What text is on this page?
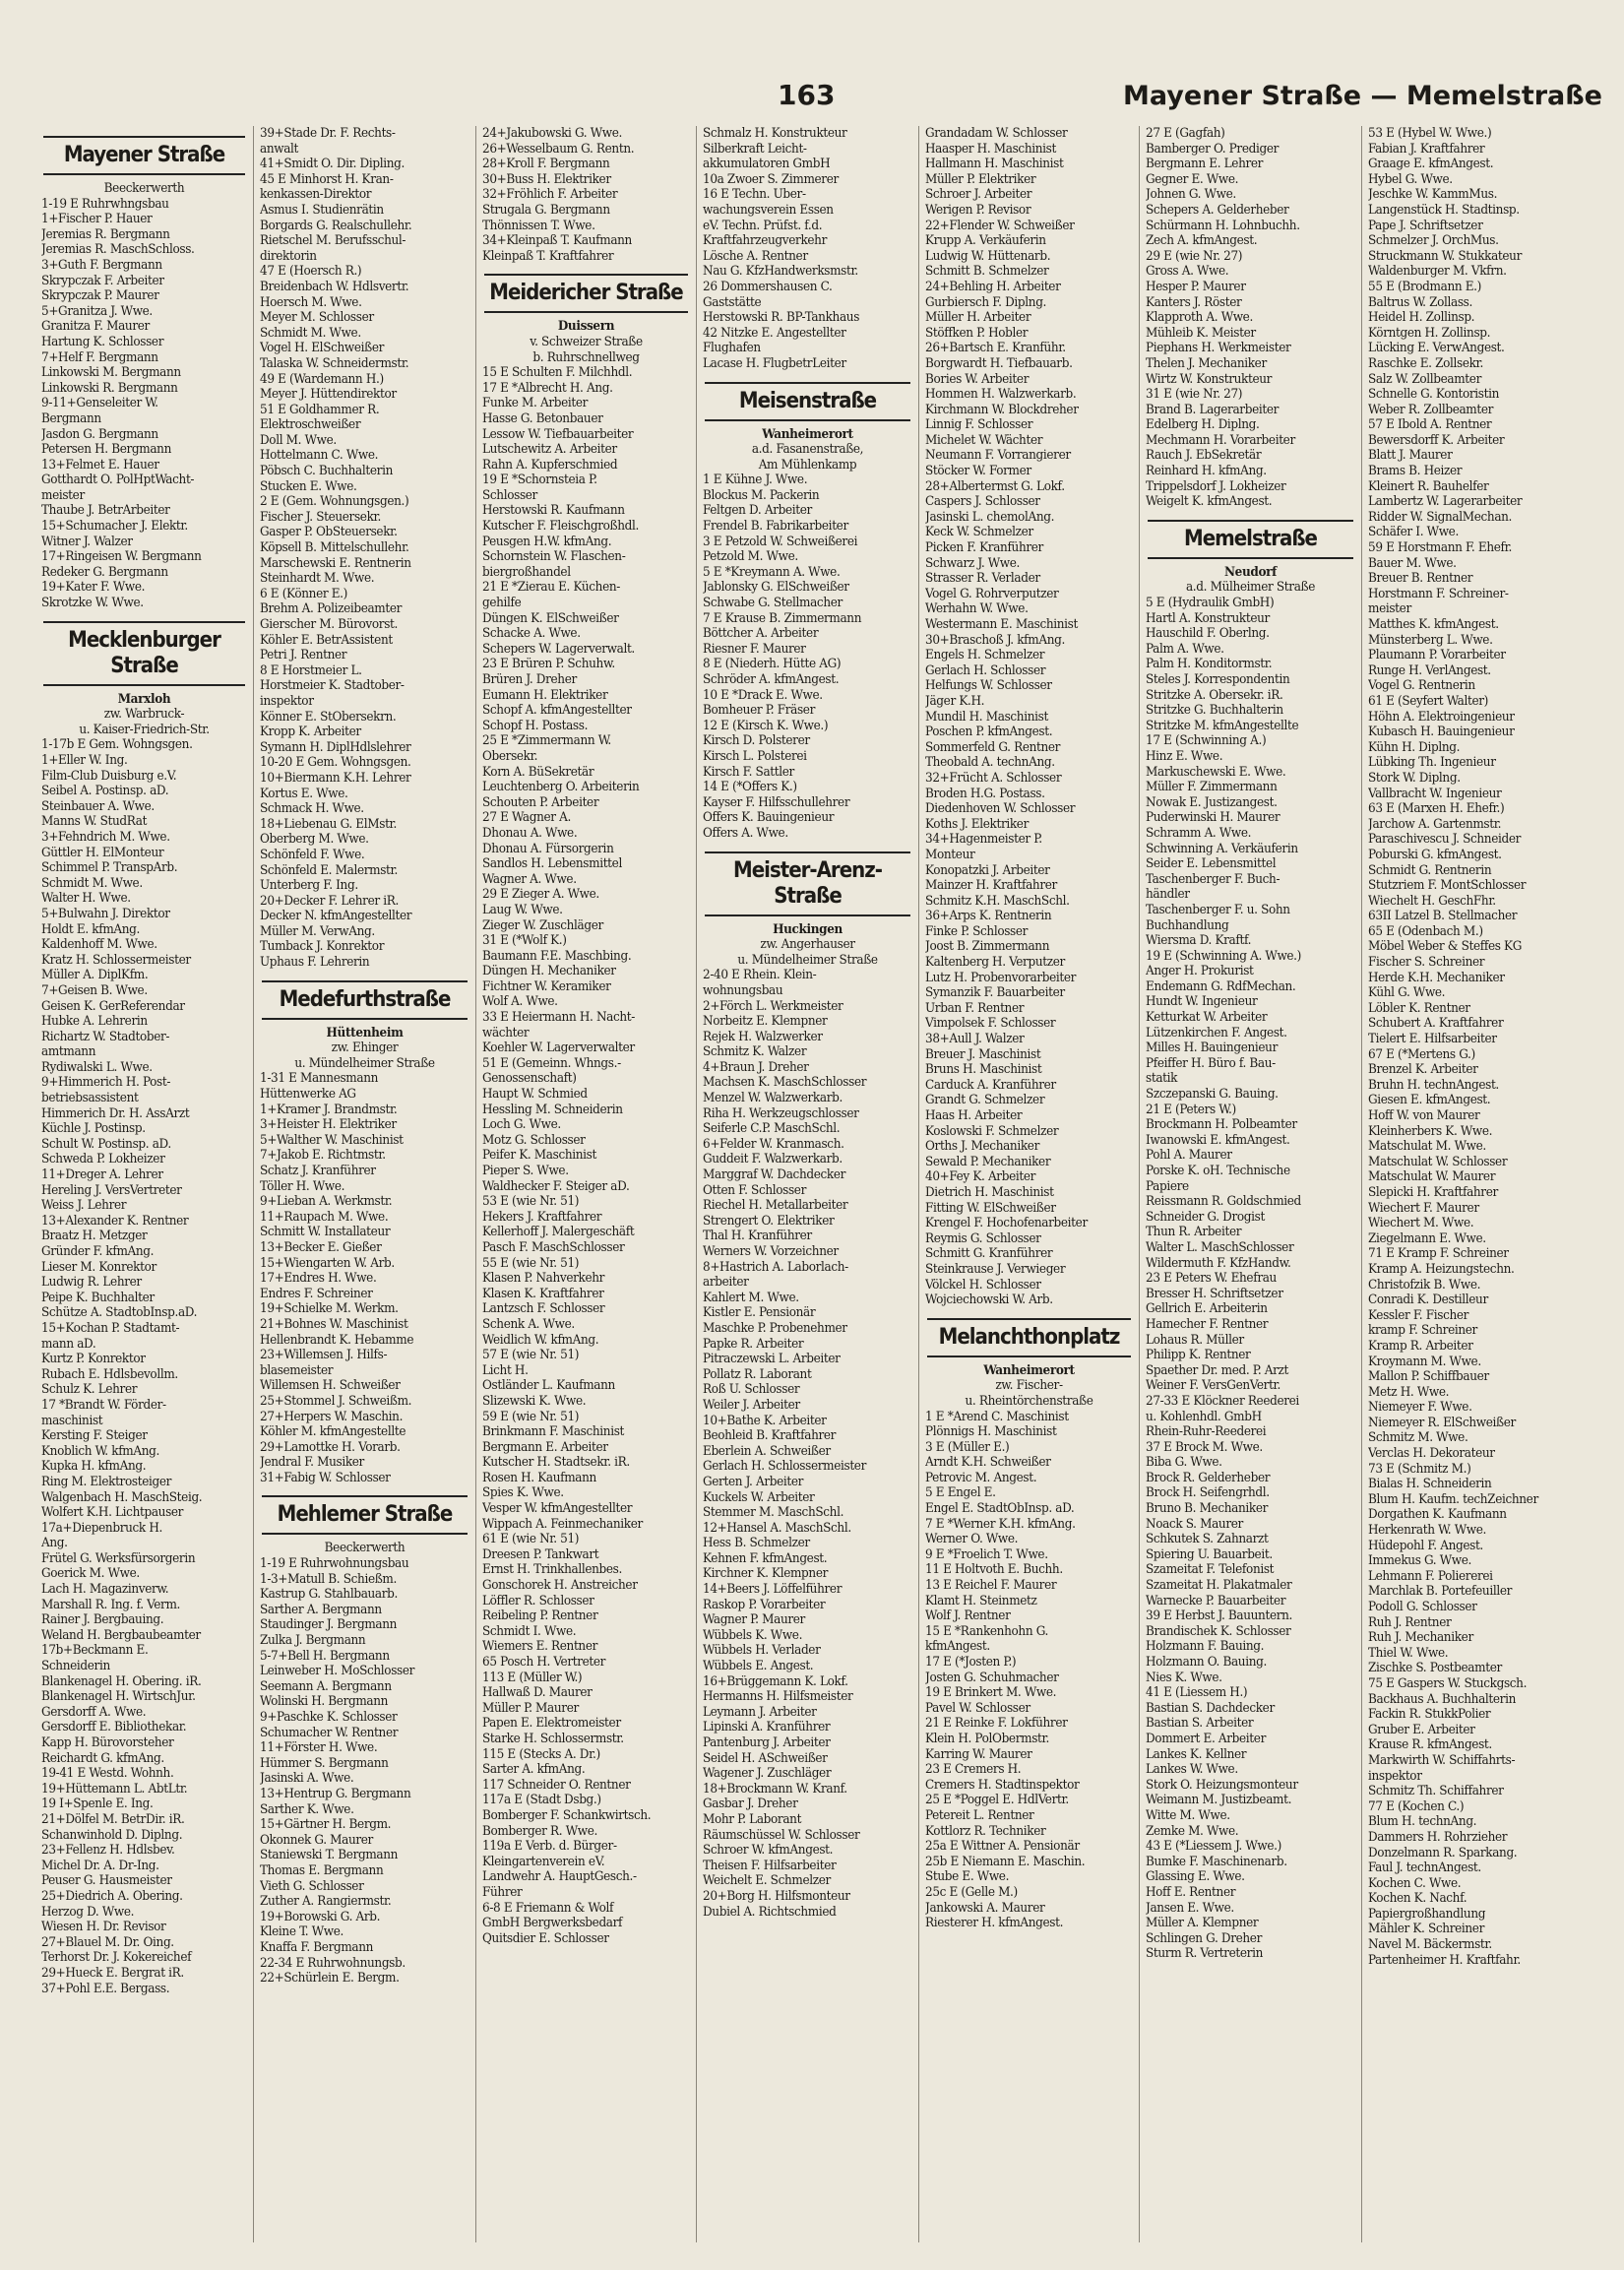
163	Mayener Straße — Memelstraße
Mayener Straße
Beeckerwerth
1-19 E Ruhrwhngsbau
1+Fischer P. Hauer
Jeremias R. Bergmann
Jeremias R. MaschSchloss.
3+Guth F. Bergmann
Skrypczak F. Arbeiter
Skrypczak P. Maurer
5+Granitza J. Wwe.
Granitza F. Maurer
Hartung K. Schlosser
7+Helf F. Bergmann
Linkowski M. Bergmann
Linkowski R. Bergmann
9-11+Genseleiter W.
Bergmann
Jasdon G. Bergmann
Petersen H. Bergmann
13+Felmet E. Hauer
Gotthardt O. PolHptWacht-
meister
Thaube J. BetrArbeiter
15+Schumacher J. Elektr.
Witner J. Walzer
17+Ringeisen W. Bergmann
Redeker G. Bergmann
19+Kater F. Wwe.
Skrotzke W. Wwe.
Mecklenburger Straße
Marxloh
zw. Warbruck-
u. Kaiser-Friedrich-Str.
1-17b E Gem. Wohngsgen.
1+Eller W. Ing.
Film-Club Duisburg e.V.
Seibel A. Postinsp. aD.
Steinbauer A. Wwe.
Manns W. StudRat
3+Fehndrich M. Wwe.
Güttler H. ElMonteur
Schimmel P. TranspArb.
Schmidt M. Wwe.
Walter H. Wwe.
5+Bulwahn J. Direktor
Holdt E. kfmAng.
Kaldenhoff M. Wwe.
Kratz H. Schlossermeister
Müller A. DiplKfm.
7+Geisen B. Wwe.
Geisen K. GerReferendar
Hubke A. Lehrerin
Richartz W. Stadtober-
amtmann
Rydiwalski L. Wwe.
9+Himmerich H. Post-
betriebsassistent
Himmerich Dr. H. AssArzt
Küchle J. Postinsp.
Schult W. Postinsp. aD.
Schweda P. Lokheizer
11+Dreger A. Lehrer
Hereling J. VersVertreter
Weiss J. Lehrer
13+Alexander K. Rentner
Braatz H. Metzger
Gründer F. kfmAng.
Lieser M. Konrektor
Ludwig R. Lehrer
Peipe K. Buchhalter
Schütze A. StadtobInsp.aD.
15+Kochan P. Stadtamt-
mann aD.
Kurtz P. Konrektor
Rubach E. Hdlsbevollm.
Schulz K. Lehrer
17 *Brandt W. Förder-
maschinist
Kersting F. Steiger
Knoblich W. kfmAng.
Kupka H. kfmAng.
Ring M. Elektrosteiger
Walgenbach H. MaschSteig.
Wolfert K.H. Lichtpauser
17a+Diepenbruck H.
Ang.
Frütel G. Werksfürsorgerin
Goerick M. Wwe.
Lach H. Magazinverw.
Marshall R. Ing. f. Verm.
Rainer J. Bergbauing.
Weland H. Bergbaubeamter
17b+Beckmann E.
Schneiderin
Blankenagel H. Obering. iR.
Blankenagel H. WirtschJur.
Gersdorff A. Wwe.
Gersdorff E. Bibliothekar.
Kapp H. Bürovorsteher
Reichardt G. kfmAng.
19-41 E Westd. Wohnh.
19+Hüttemann L. AbtLtr.
19 I+Spenle E. Ing.
21+Dölfel M. BetrDir. iR.
Schanwinhold D. Diplng.
23+Fellenz H. Hdlsbev.
Michel Dr. A. Dr-Ing.
Peuser G. Hausmeister
25+Diedrich A. Obering.
Herzog D. Wwe.
Wiesen H. Dr. Revisor
27+Blauel M. Dr. Oing.
Terhorst Dr. J. Kokereichef
29+Hueck E. Bergrat iR.
37+Pohl E.E. Bergass.
39+Stade Dr. F. Rechts-
anwalt
41+Smidt O. Dir. Dipling.
45 E Minhorst H. Kran-
kenkassen-Direktor
Asmus I. Studienrätin
Borgards G. Realschullehr.
Rietschel M. Berufsschul-
direktorin
47 E (Hoersch R.)
Breidenbach W. Hdlsvertr.
Hoersch M. Wwe.
Meyer M. Schlosser
Schmidt M. Wwe.
Vogel H. ElSchweißer
Talaska W. Schneidermstr.
49 E (Wardemann H.)
Meyer J. Hüttendirektor
51 E Goldhammer R.
Elektroschweißer
Doll M. Wwe.
Hottelmann C. Wwe.
Pöbsch C. Buchhalterin
Stucken E. Wwe.
2 E (Gem. Wohnungsgen.)
Fischer J. Steuersekr.
Gasper P. ObSteuersekr.
Köpsell B. Mittelschullehr.
Marschewski E. Rentnerin
Steinhardt M. Wwe.
6 E (Könner E.)
Brehm A. Polizeibeamter
Gierscher M. Bürovorst.
Köhler E. BetrAssistent
Petri J. Rentner
8 E Horstmeier L.
Horstmeier K. Stadtober-
inspektor
Könner E. StObersekrn.
Kropp K. Arbeiter
Symann H. DiplHdlslehrer
10-20 E Gem. Wohngsgen.
10+Biermann K.H. Lehrer
Kortus E. Wwe.
Schmack H. Wwe.
18+Liebenau G. ElMstr.
Oberberg M. Wwe.
Schönfeld F. Wwe.
Schönfeld E. Malermstr.
Unterberg F. Ing.
20+Decker F. Lehrer iR.
Decker N. kfmAngestellter
Müller M. VerwAng.
Tumback J. Konrektor
Uphaus F. Lehrerin
Medefurthstraße
Hüttenheim
zw. Ehinger
u. Mündelheimer Straße
1-31 E Mannesmann
Hüttenwerke AG
1+Kramer J. Brandmstr.
3+Heister H. Elektriker
5+Walther W. Maschinist
7+Jakob E. Richtmstr.
Schatz J. Kranführer
Töller H. Wwe.
9+Lieban A. Werkmstr.
11+Raupach M. Wwe.
Schmitt W. Installateur
13+Becker E. Gießer
15+Wiengarten W. Arb.
17+Endres H. Wwe.
Endres F. Schreiner
19+Schielke M. Werkm.
21+Bohnes W. Maschinist
Hellenbrandt K. Hebamme
23+Willemsen J. Hilfs-
blasemeister
Willemsen H. Schweißer
25+Stommel J. Schweißm.
27+Herpers W. Maschin.
Köhler M. kfmAngestellte
29+Lamottke H. Vorarb.
Jendral F. Musiker
31+Fabig W. Schlosser
Mehlemer Straße
Beeckerwerth
1-19 E Ruhrwohnungsbau
1-3+Matull B. Schießm.
Kastrup G. Stahlbauarb.
Sarther A. Bergmann
Staudinger J. Bergmann
Zulka J. Bergmann
5-7+Bell H. Bergmann
Leinweber H. MoSchlosser
Seemann A. Bergmann
Wolinski H. Bergmann
9+Paschke K. Schlosser
Schumacher W. Rentner
11+Förster H. Wwe.
Hümmer S. Bergmann
Jasinski A. Wwe.
13+Hentrup G. Bergmann
Sarther K. Wwe.
15+Gärtner H. Bergm.
Okonnek G. Maurer
Staniewski T. Bergmann
Thomas E. Bergmann
Vieth G. Schlosser
Zuther A. Rangiermstr.
19+Borowski G. Arb.
Kleine T. Wwe.
Knaffa F. Bergmann
22-34 E Ruhrwohnungsb.
22+Schürlein E. Bergm.
24+Jakubowski G. Wwe.
26+Wesselbaum G. Rentn.
28+Kroll F. Bergmann
30+Buss H. Elektriker
32+Fröhlich F. Arbeiter
Strugala G. Bergmann
Thönnissen T. Wwe.
34+Kleinpaß T. Kaufmann
Kleinpaß T. Kraftfahrer
Meidericher Straße
Duissern
v. Schweizer Straße
b. Ruhrschnellweg
15 E Schulten F. Milchhdl.
17 E *Albrecht H. Ang.
Funke M. Arbeiter
Hasse G. Betonbauer
Lessow W. Tiefbauarbeiter
Lutschewitz A. Arbeiter
Rahn A. Kupferschmied
19 E *Schornsteia P.
Schlosser
Herstowski R. Kaufmann
Kutscher F. Fleischgroßhdl.
Peusgen H.W. kfmAng.
Schornstein W. Flaschen-
biergroßhandel
21 E *Zierau E. Küchen-
gehilfe
Düngen K. ElSchweißer
Schacke A. Wwe.
Schepers W. Lagerverwalt.
23 E Brüren P. Schuhw.
Brüren J. Dreher
Eumann H. Elektriker
Schopf A. kfmAngestellter
Schopf H. Postass.
25 E *Zimmermann W.
Obersekr.
Korn A. BüSekretär
Leuchtenberg O. Arbeiterin
Schouten P. Arbeiter
27 E Wagner A.
Dhonau A. Wwe.
Dhonau A. Fürsorgerin
Sandlos H. Lebensmittel
Wagner A. Wwe.
29 E Zieger A. Wwe.
Laug W. Wwe.
Zieger W. Zuschläger
31 E (*Wolf K.)
Baumann F.E. Maschbing.
Düngen H. Mechaniker
Fichtner W. Keramiker
Wolf A. Wwe.
33 E Heiermann H. Nacht-
wächter
Koehler W. Lagerverwalter
51 E (Gemeinn. Whngs.-
Genossenschaft)
Haupt W. Schmied
Hessling M. Schneiderin
Loch G. Wwe.
Motz G. Schlosser
Peifer K. Maschinist
Pieper S. Wwe.
Waldhecker F. Steiger aD.
53 E (wie Nr. 51)
Hekers J. Kraftfahrer
Kellerhoff J. Malergeschäft
Pasch F. MaschSchlosser
55 E (wie Nr. 51)
Klasen P. Nahverkehr
Klasen K. Kraftfahrer
Lantzsch F. Schlosser
Schenk A. Wwe.
Weidlich W. kfmAng.
57 E (wie Nr. 51)
Licht H.
Ostländer L. Kaufmann
Slizewski K. Wwe.
59 E (wie Nr. 51)
Brinkmann F. Maschinist
Bergmann E. Arbeiter
Kutscher H. Stadtsekr. iR.
Rosen H. Kaufmann
Spies K. Wwe.
Vesper W. kfmAngestellter
Wippach A. Feinmechaniker
61 E (wie Nr. 51)
Dreesen P. Tankwart
Ernst H. Trinkhallenbes.
Gonschorek H. Anstreicher
Löffler R. Schlosser
Reibeling P. Rentner
Schmidt I. Wwe.
Wiemers E. Rentner
65 Posch H. Vertreter
113 E (Müller W.)
Hallwaß D. Maurer
Müller P. Maurer
Papen E. Elektromeister
Starke H. Schlossermstr.
115 E (Stecks A. Dr.)
Sarter A. kfmAng.
117 Schneider O. Rentner
117a E (Stadt Dsbg.)
Bomberger F. Schankwirtsch.
Bomberger R. Wwe.
119a E Verb. d. Bürger-
Kleingartenverein eV.
Landwehr A. HauptGesch.-
Führer
6-8 E Friemann & Wolf
GmbH Bergwerksbedarf
Quitsdier E. Schlosser
Schmalz H. Konstrukteur
Silberkraft Leicht-
akkumulatoren GmbH
10a Zwoer S. Zimmerer
16 E Techn. Über-
wachungsverein Essen
eV. Techn. Prüfst. f.d.
Kraftfahrzeugverkehr
Lösche A. Rentner
Nau G. KfzHandwerksmstr.
26 Dommershausen C.
Gaststätte
Herstowski R. BP-Tankhaus
42 Nitzke E. Angestellter
Flughafen
Lacase H. FlugbetrLeiter
Meisenstraße
Wanheimerort
a.d. Fasanenstraße,
Am Mühlenkamp
1 E Kühne J. Wwe.
Blockus M. Packerin
Feltgen D. Arbeiter
Frendel B. Fabrikarbeiter
3 E Petzold W. Schweißerei
Petzold M. Wwe.
5 E *Kreymann A. Wwe.
Jablonsky G. ElSchweißer
Schwabe G. Stellmacher
7 E Krause B. Zimmermann
Böttcher A. Arbeiter
Riesner F. Maurer
8 E (Niederh. Hütte AG)
Schröder A. kfmAngest.
10 E *Drack E. Wwe.
Bomheuer P. Fräser
12 E (Kirsch K. Wwe.)
Kirsch D. Polsterer
Kirsch L. Polsterei
Kirsch F. Sattler
14 E (*Offers K.)
Kayser F. Hilfsschullehrer
Offers K. Bauingenieur
Offers A. Wwe.
Meister-Arenz-Straße
Huckingen
zw. Angerhauser
u. Mündelheimer Straße
2-40 E Rhein. Klein-
wohnungsbau
2+Förch L. Werkmeister
Norbeitz E. Klempner
Rejek H. Walzwerker
Schmitz K. Walzer
4+Braun J. Dreher
Machsen K. MaschSchlosser
Menzel W. Walzwerkarb.
Riha H. Werkzeugschlosser
Seiferle C.P. MaschSchl.
6+Felder W. Kranmasch.
Guddeit F. Walzwerkarb.
Marggraf W. Dachdecker
Otten F. Schlosser
Riechel H. Metallarbeiter
Strengert O. Elektriker
Thal H. Kranführer
Werners W. Vorzeichner
8+Hastrich A. Laborlach-
arbeiter
Kahlert M. Wwe.
Kistler E. Pensionär
Maschke P. Probenehmer
Papke R. Arbeiter
Pitraczewski L. Arbeiter
Pollatz R. Laborant
Roß U. Schlosser
Weiler J. Arbeiter
10+Bathe K. Arbeiter
Beohleid B. Kraftfahrer
Eberlein A. Schweißer
Gerlach H. Schlossermeister
Gerten J. Arbeiter
Kuckels W. Arbeiter
Stemmer M. MaschSchl.
12+Hansel A. MaschSchl.
Hess B. Schmelzer
Kehnen F. kfmAngest.
Kirchner K. Klempner
14+Beers J. Löffelführer
Raskop P. Vorarbeiter
Wagner P. Maurer
Wübbels K. Wwe.
Wübbels H. Verlader
Wübbels E. Angest.
16+Brüggemann K. Lokf.
Hermanns H. Hilfsmeister
Leymann J. Arbeiter
Lipinski A. Kranführer
Pantenburg J. Arbeiter
Seidel H. ASchweißer
Wagener J. Zuschläger
18+Brockmann W. Kranf.
Gasbar J. Dreher
Mohr P. Laborant
Räumschüssel W. Schlosser
Schroer W. kfmAngest.
Theisen F. Hilfsarbeiter
Weichelt E. Schmelzer
20+Borg H. Hilfsmonteur
Dubiel A. Richtschmied
Grandadam W. Schlosser
Haasper H. Maschinist
Hallmann H. Maschinist
Müller P. Elektriker
Schroer J. Arbeiter
Werigen P. Revisor
22+Flender W. Schweißer
Krupp A. Verkäuferin
Ludwig W. Hüttenarb.
Schmitt B. Schmelzer
24+Behling H. Arbeiter
Gurbiersch F. Diplng.
Müller H. Arbeiter
Stöffken P. Hobler
26+Bartsch E. Kranführ.
Borgwardt H. Tiefbauarb.
Bories W. Arbeiter
Hommen H. Walzwerkarb.
Kirchmann W. Blockdreher
Linnig F. Schlosser
Michelet W. Wächter
Neumann F. Vorrangierer
Stöcker W. Former
28+Albertermst G. Lokf.
Caspers J. Schlosser
Jasinski L. chemolAng.
Keck W. Schmelzer
Picken F. Kranführer
Schwarz J. Wwe.
Strasser R. Verlader
Vogel G. Rohrverputzer
Werhahn W. Wwe.
Westermann E. Maschinist
30+Braschoß J. kfmAng.
Engels H. Schmelzer
Gerlach H. Schlosser
Helfungs W. Schlosser
Jäger K.H.
Mundil H. Maschinist
Poschen P. kfmAngest.
Sommerfeld G. Rentner
Theobald A. technAng.
32+Frücht A. Schlosser
Broden H.G. Postass.
Diedenhoven W. Schlosser
Koths J. Elektriker
34+Hagenmeister P.
Monteur
Konopatzki J. Arbeiter
Mainzer H. Kraftfahrer
Schmitz K.H. MaschSchl.
36+Arps K. Rentnerin
Finke P. Schlosser
Joost B. Zimmermann
Kaltenberg H. Verputzer
Lutz H. Probenvorarbeiter
Symanzik F. Bauarbeiter
Urban F. Rentner
Vimpolsek F. Schlosser
38+Aull J. Walzer
Breuer J. Maschinist
Bruns H. Maschinist
Carduck A. Kranführer
Grandt G. Schmelzer
Haas H. Arbeiter
Koslowski F. Schmelzer
Orths J. Mechaniker
Sewald P. Mechaniker
40+Fey K. Arbeiter
Dietrich H. Maschinist
Fitting W. ElSchweißer
Krengel F. Hochofenarbeiter
Reymis G. Schlosser
Schmitt G. Kranführer
Steinkrause J. Verwieger
Völckel H. Schlosser
Wojciechowski W. Arb.
Melanchthonplatz
Wanheimerort
zw. Fischer-
u. Rheintörchenstraße
1 E *Arend C. Maschinist
Plönnigs H. Maschinist
3 E (Müller E.)
Arndt K.H. Schweißer
Petrovic M. Angest.
5 E Engel E.
Engel E. StadtObInsp. aD.
7 E *Werner K.H. kfmAng.
Werner O. Wwe.
9 E *Froelich T. Wwe.
11 E Holtvoth E. Buchh.
13 E Reichel F. Maurer
Klamt H. Steinmetz
Wolf J. Rentner
15 E *Rankenhohn G.
kfmAngest.
17 E (*Josten P.)
Josten G. Schuhmacher
19 E Brinkert M. Wwe.
Pavel W. Schlosser
21 E Reinke F. Lokführer
Klein H. PolObermstr.
Karring W. Maurer
23 E Cremers H.
Cremers H. Stadtinspektor
25 E *Poggel E. HdlVertr.
Petereit L. Rentner
Kottlorz R. Techniker
25a E Wittner A. Pensionär
25b E Niemann E. Maschin.
Stube E. Wwe.
25c E (Gelle M.)
Jankowski A. Maurer
Riesterer H. kfmAngest.
27 E (Gagfah)
Bamberger O. Prediger
Bergmann E. Lehrer
Gegner E. Wwe.
Johnen G. Wwe.
Schepers A. Gelderheber
Schürmann H. Lohnbuchh.
Zech A. kfmAngest.
29 E (wie Nr. 27)
Gross A. Wwe.
Hesper P. Maurer
Kanters J. Röster
Klapproth A. Wwe.
Mühleib K. Meister
Piephans H. Werkmeister
Thelen J. Mechaniker
Wirtz W. Konstrukteur
31 E (wie Nr. 27)
Brand B. Lagerarbeiter
Edelberg H. Diplng.
Mechmann H. Vorarbeiter
Rauch J. EbSekretär
Reinhard H. kfmAng.
Trippelsdorf J. Lokheizer
Weigelt K. kfmAngest.
Memelstraße
Neudorf
a.d. Mülheimer Straße
5 E (Hydraulik GmbH)
Hartl A. Konstrukteur
Hauschild F. Oberlng.
Palm A. Wwe.
Palm H. Konditormstr.
Steles J. Korrespondentin
Stritzke A. Obersekr. iR.
Stritzke G. Buchhalterin
Stritzke M. kfmAngestellte
17 E (Schwinning A.)
Hinz E. Wwe.
Markuschewski E. Wwe.
Müller F. Zimmermann
Nowak E. Justizangest.
Puderwinski H. Maurer
Schramm A. Wwe.
Schwinning A. Verkäuferin
Seider E. Lebensmittel
Taschenberger F. Buch-
händler
Taschenberger F. u. Sohn
Buchhandlung
Wiersma D. Kraftf.
19 E (Schwinning A. Wwe.)
Anger H. Prokurist
Endemann G. RdfMechan.
Hundt W. Ingenieur
Ketturkat W. Arbeiter
Lützenkirchen F. Angest.
Milles H. Bauingenieur
Pfeiffer H. Büro f. Bau-
statik
Szczepanski G. Bauing.
21 E (Peters W.)
Brockmann H. Polbeamter
Iwanowski E. kfmAngest.
Pohl A. Maurer
Porske K. oH. Technische
Papiere
Reissmann R. Goldschmied
Schneider G. Drogist
Thun R. Arbeiter
Walter L. MaschSchlosser
Wildermuth F. KfzHandw.
23 E Peters W. Ehefrau
Bresser H. Schriftsetzer
Gellrich E. Arbeiterin
Hamecher F. Rentner
Lohaus R. Müller
Philipp K. Rentner
Spaether Dr. med. P. Arzt
Weiner F. VersGenVertr.
27-33 E Klöckner Reederei
u. Kohlenhdl. GmbH
Rhein-Ruhr-Reederei
37 E Brock M. Wwe.
Biba G. Wwe.
Brock R. Gelderheber
Brock H. Seifengrhdl.
Bruno B. Mechaniker
Noack S. Maurer
Schkutek S. Zahnarzt
Spiering U. Bauarbeit.
Szameitat F. Telefonist
Szameitat H. Plakatmaler
Warnecke P. Bauarbeiter
39 E Herbst J. Bauuntern.
Brandischek K. Schlosser
Holzmann F. Bauing.
Holzmann O. Bauing.
Nies K. Wwe.
41 E (Liessem H.)
Bastian S. Dachdecker
Bastian S. Arbeiter
Dommert E. Arbeiter
Lankes K. Kellner
Lankes W. Wwe.
Stork O. Heizungsmonteur
Weimann M. Justizbeamt.
Witte M. Wwe.
Zemke M. Wwe.
43 E (*Liessem J. Wwe.)
Bumke F. Maschinenarb.
Glassing E. Wwe.
Hoff E. Rentner
Jansen E. Wwe.
Müller A. Klempner
Schlingen G. Dreher
Sturm R. Vertreterin
53 E (Hybel W. Wwe.)
Fabian J. Kraftfahrer
Graage E. kfmAngest.
Hybel G. Wwe.
Jeschke W. KammMus.
Langenstück H. Stadtinsp.
Pape J. Schriftsetzer
Schmelzer J. OrchMus.
Struckmann W. Stukkateur
Waldenburger M. Vkfrn.
55 E (Brodmann E.)
Baltrus W. Zollass.
Heidel H. Zollinsp.
Körntgen H. Zollinsp.
Lücking E. VerwAngest.
Raschke E. Zollsekr.
Salz W. Zollbeamter
Schnelle G. Kontoristin
Weber R. Zollbeamter
57 E Ibold A. Rentner
Bewersdorff K. Arbeiter
Blatt J. Maurer
Brams B. Heizer
Kleinert R. Bauhelfer
Lambertz W. Lagerarbeiter
Ridder W. SignalMechan.
Schäfer I. Wwe.
59 E Horstmann F. Ehefr.
Bauer M. Wwe.
Breuer B. Rentner
Horstmann F. Schreiner-
meister
Matthes K. kfmAngest.
Münsterberg L. Wwe.
Plaumann P. Vorarbeiter
Runge H. VerlAngest.
Vogel G. Rentnerin
61 E (Seyfert Walter)
Höhn A. Elektroingenieur
Kubasch H. Bauingenieur
Kühn H. Diplng.
Lübking Th. Ingenieur
Stork W. Diplng.
Vallbracht W. Ingenieur
63 E (Marxen H. Ehefr.)
Jarchow A. Gartenmstr.
Paraschivescu J. Schneider
Poburski G. kfmAngest.
Schmidt G. Rentnerin
Stutzriem F. MontSchlosser
Wiechelt H. GeschFhr.
63II Latzel B. Stellmacher
65 E (Odenbach M.)
Möbel Weber & Steffes KG
Fischer S. Schreiner
Herde K.H. Mechaniker
Kühl G. Wwe.
Löbler K. Rentner
Schubert A. Kraftfahrer
Tielert E. Hilfsarbeiter
67 E (*Mertens G.)
Brenzel K. Arbeiter
Bruhn H. technAngest.
Giesen E. kfmAngest.
Hoff W. von Maurer
Kleinherbers K. Wwe.
Matschulat M. Wwe.
Matschulat W. Schlosser
Matschulat W. Maurer
Slepicki H. Kraftfahrer
Wiechert F. Maurer
Wiechert M. Wwe.
Ziegelmann E. Wwe.
71 E Kramp F. Schreiner
Kramp A. Heizungstechn.
Christofzik B. Wwe.
Conradi K. Destilleur
Kessler F. Fischer
kramp F. Schreiner
Kramp R. Arbeiter
Kroymann M. Wwe.
Mallon P. Schiffbauer
Metz H. Wwe.
Niemeyer F. Wwe.
Niemeyer R. ElSchweißer
Schmitz M. Wwe.
Verclas H. Dekorateur
73 E (Schmitz M.)
Bialas H. Schneiderin
Blum H. Kaufm. techZeichner
Dorgathen K. Kaufmann
Herkenrath W. Wwe.
Hüdepohl F. Angest.
Immekus G. Wwe.
Lehmann F. Poliererei
Marchlak B. Portefeuiller
Podoll G. Schlosser
Ruh J. Rentner
Ruh J. Mechaniker
Thiel W. Wwe.
Zischke S. Postbeamter
75 E Gaspers W. Stuckgsch.
Backhaus A. Buchhalterin
Fackin R. StukkPolier
Gruber E. Arbeiter
Krause R. kfmAngest.
Markwirth W. Schiffahrts-
inspektor
Schmitz Th. Schiffahrer
77 E (Kochen C.)
Blum H. technAng.
Dammers H. Rohrzieher
Donzelmann R. Sparkang.
Faul J. technAngest.
Kochen C. Wwe.
Kochen K. Nachf.
Papiergroßhandlung
Mähler K. Schreiner
Navel M. Bäckermstr.
Partenheimer H. Kraftfahr.
